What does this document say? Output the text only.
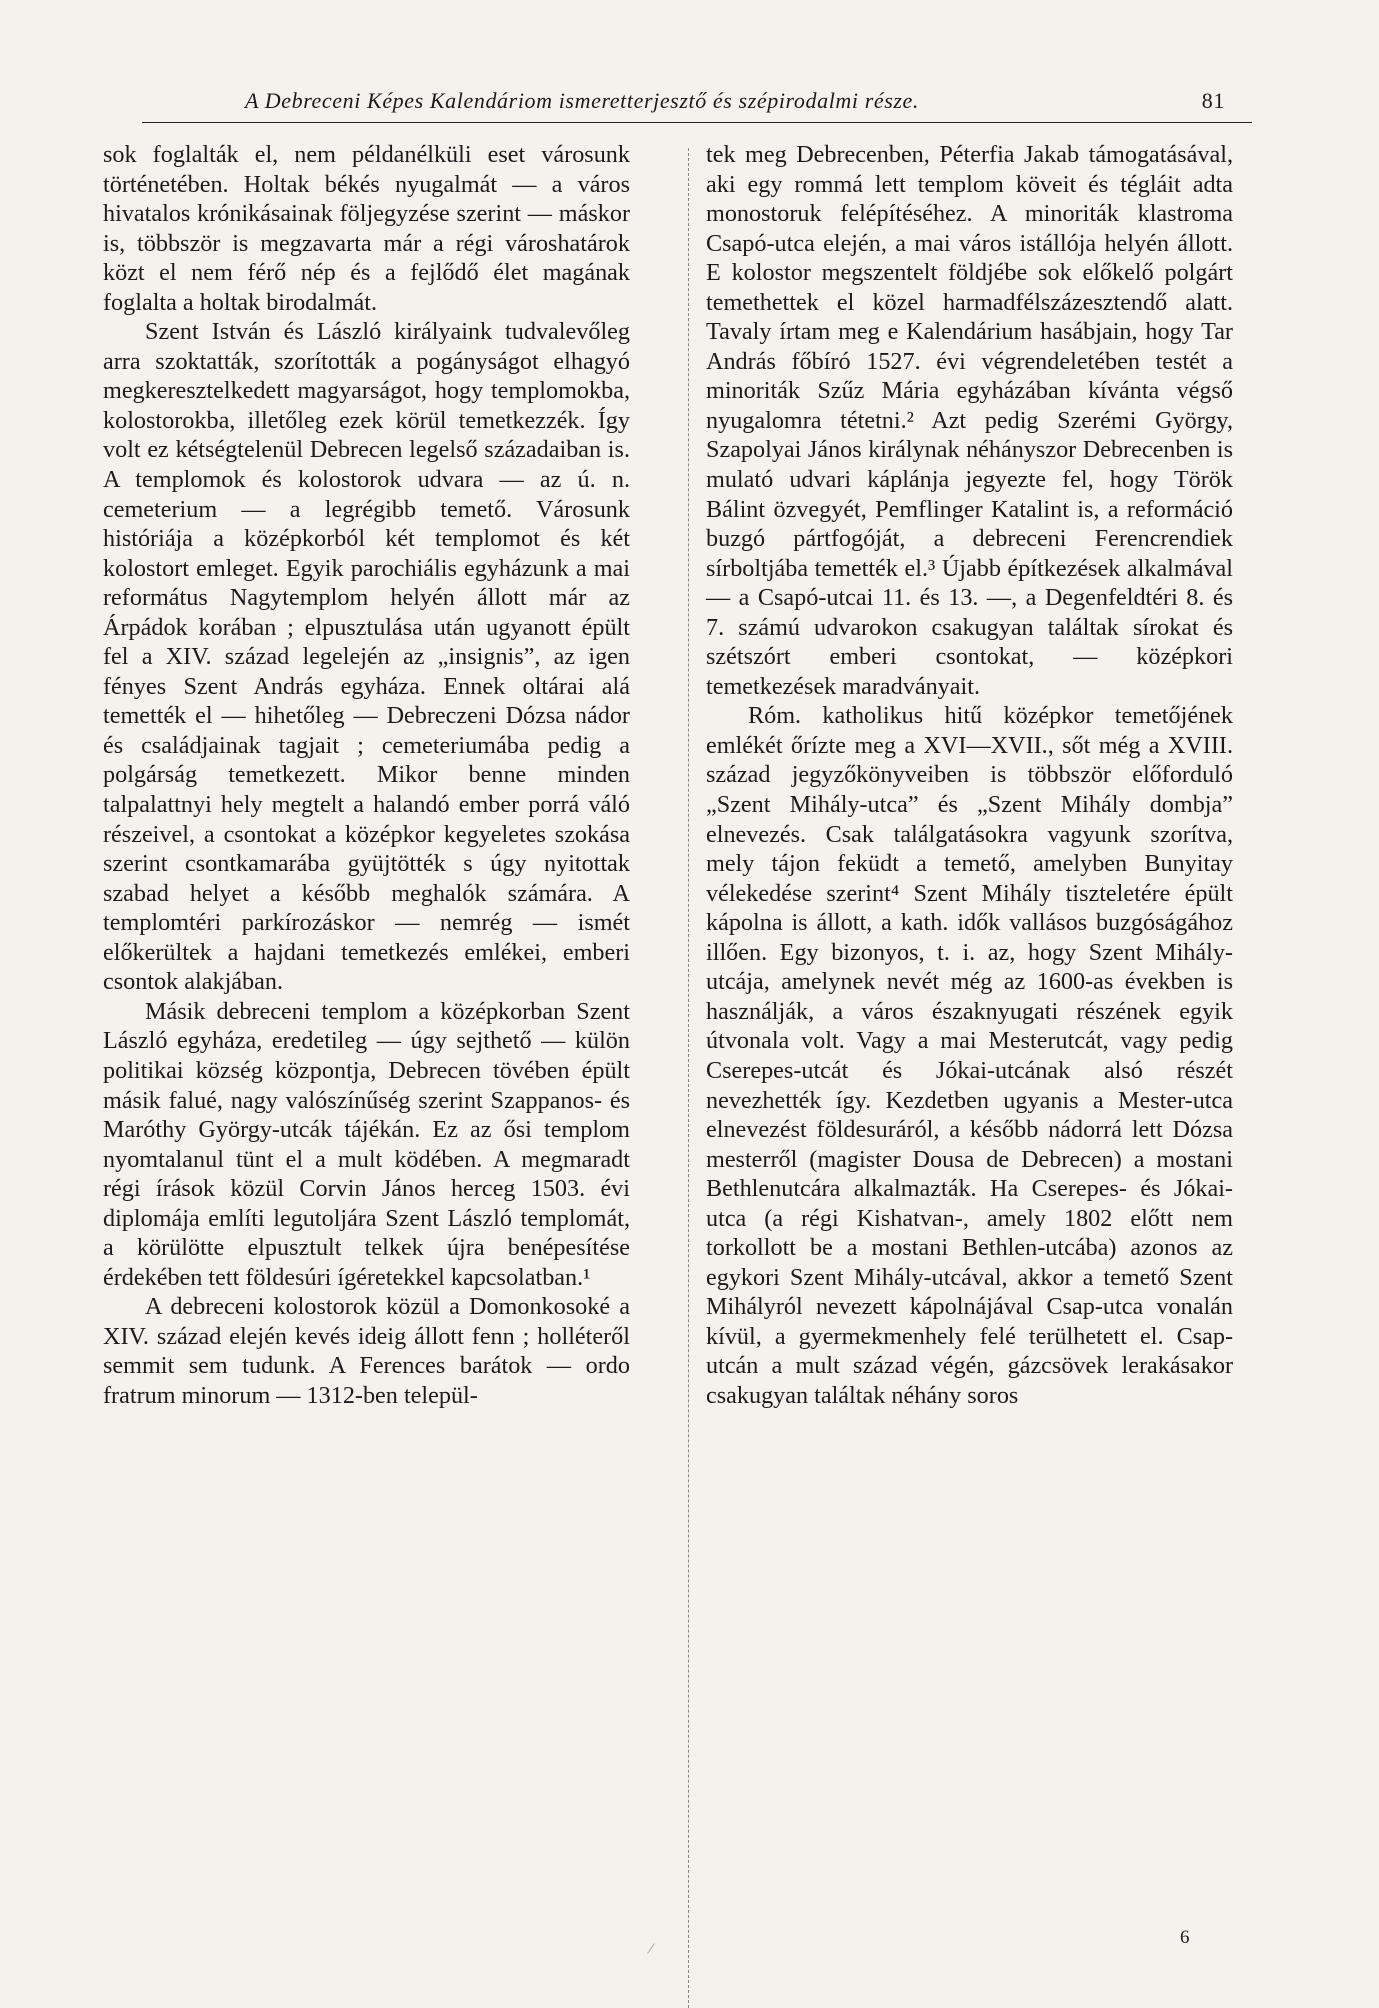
A Debreceni Képes Kalendáriom ismeretterjesztő és szépirodalmi része.	81

sok foglalták el, nem példanélküli eset városunk történetében. Holtak békés nyugalmát — a város hivatalos krónikásainak följegyzése szerint — máskor is, többször is megzavarta már a régi városhatárok közt el nem férő nép és a fejlődő élet magának foglalta a holtak birodalmát.

Szent István és László királyaink tudvalevőleg arra szoktatták, szorították a pogányságot elhagyó megkeresztelkedett magyarságot, hogy templomokba, kolostorokba, illetőleg ezek körül temetkezzék. Így volt ez kétségtelenül Debrecen legelső századaiban is. A templomok és kolostorok udvara — az ú. n. cemeterium — a legrégibb temető. Városunk históriája a középkorból két templomot és két kolostort emleget. Egyik parochiális egyházunk a mai református Nagytemplom helyén állott már az Árpádok korában ; elpusztulása után ugyanott épült fel a XIV. század legelején az „insignis”, az igen fényes Szent András egyháza. Ennek oltárai alá temették el — hihetőleg — Debreczeni Dózsa nádor és családjainak tagjait ; cemeteriumába pedig a polgárság temetkezett. Mikor benne minden talpalattnyi hely megtelt a halandó ember porrá váló részeivel, a csontokat a középkor kegyeletes szokása szerint csontkamarába gyüjtötték s úgy nyitottak szabad helyet a később meghalók számára. A templomtéri parkírozáskor — nemrég — ismét előkerültek a hajdani temetkezés emlékei, emberi csontok alakjában.

Másik debreceni templom a középkorban Szent László egyháza, eredetileg — úgy sejthető — külön politikai község központja, Debrecen tövében épült másik falué, nagy valószínűség szerint Szappanos- és Maróthy György-utcák tájékán. Ez az ősi templom nyomtalanul tünt el a mult ködében. A megmaradt régi írások közül Corvin János herceg 1503. évi diplomája említi legutoljára Szent László templomát, a körülötte elpusztult telkek újra benépesítése érdekében tett földesúri ígéretekkel kapcsolatban.¹

A debreceni kolostorok közül a Domonkosoké a XIV. század elején kevés ideig állott fenn ; holléteről semmit sem tudunk. A Ferences barátok — ordo fratrum minorum — 1312-ben települ-

tek meg Debrecenben, Péterfia Jakab támogatásával, aki egy rommá lett templom köveit és tégláit adta monostoruk felépítéséhez. A minoriták klastroma Csapó-utca elején, a mai város istállója helyén állott. E kolostor megszentelt földjébe sok előkelő polgárt temethettek el közel harmadfélszázesztendő alatt. Tavaly írtam meg e Kalendárium hasábjain, hogy Tar András főbíró 1527. évi végrendeletében testét a minoriták Szűz Mária egyházában kívánta végső nyugalomra tétetni.² Azt pedig Szerémi György, Szapolyai János királynak néhányszor Debrecenben is mulató udvari káplánja jegyezte fel, hogy Török Bálint özvegyét, Pemflinger Katalint is, a reformáció buzgó pártfogóját, a debreceni Ferencrendiek sírboltjába temették el.³ Újabb építkezések alkalmával — a Csapó-utcai 11. és 13. —, a Degenfeldtéri 8. és 7. számú udvarokon csakugyan találtak sírokat és szétszórt emberi csontokat, — középkori temetkezések maradványait.

Róm. katholikus hitű középkor temetőjének emlékét őrízte meg a XVI—XVII., sőt még a XVIII. század jegyzőkönyveiben is többször előforduló „Szent Mihály-utca” és „Szent Mihály dombja” elnevezés. Csak találgatásokra vagyunk szorítva, mely tájon feküdt a temető, amelyben Bunyitay vélekedése szerint⁴ Szent Mihály tiszteletére épült kápolna is állott, a kath. idők vallásos buzgóságához illően. Egy bizonyos, t. i. az, hogy Szent Mihály-utcája, amelynek nevét még az 1600-as években is használják, a város északnyugati részének egyik útvonala volt. Vagy a mai Mesterutcát, vagy pedig Cserepes-utcát és Jókai-utcának alsó részét nevezhették így. Kezdetben ugyanis a Mester-utca elnevezést földesuráról, a később nádorrá lett Dózsa mesterről (magister Dousa de Debrecen) a mostani Bethlenutcára alkalmazták. Ha Cserepes- és Jókai-utca (a régi Kishatvan-, amely 1802 előtt nem torkollott be a mostani Bethlen-utcába) azonos az egykori Szent Mihály-utcával, akkor a temető Szent Mihályról nevezett kápolnájával Csap-utca vonalán kívül, a gyermekmenhely felé terülhetett el. Csap-utcán a mult század végén, gázcsövek lerakásakor csakugyan találtak néhány soros

6
